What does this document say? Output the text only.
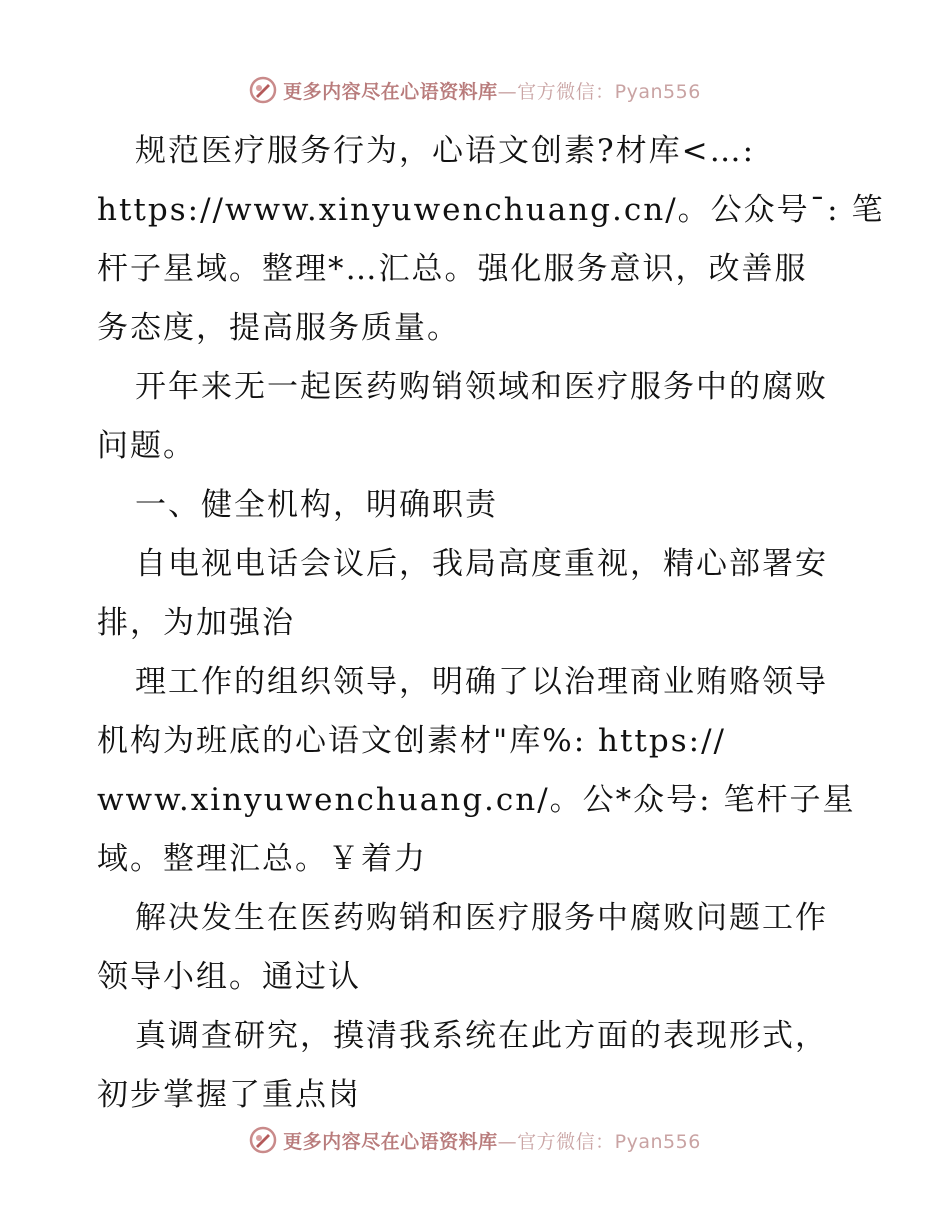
更多内容尽在心语资料库—官方微信：Pyan556
规范医疗服务行为，心语文创素?材库<…:
https://www.xinyuwenchuang.cn/。公众号¯: 笔
杆子星域。整理*…汇总。强化服务意识，改善服
务态度，提高服务质量。
开年来无一起医药购销领域和医疗服务中的腐败
问题。
一、健全机构，明确职责
自电视电话会议后，我局高度重视，精心部署安
排，为加强治
理工作的组织领导，明确了以治理商业贿赂领导
机构为班底的心语文创素材"库%: https://
www.xinyuwenchuang.cn/。公*众号: 笔杆子星
域。整理汇总。￥着力
解决发生在医药购销和医疗服务中腐败问题工作
领导小组。通过认
真调查研究，摸清我系统在此方面的表现形式，
初步掌握了重点岗
更多内容尽在心语资料库—官方微信：Pyan556
